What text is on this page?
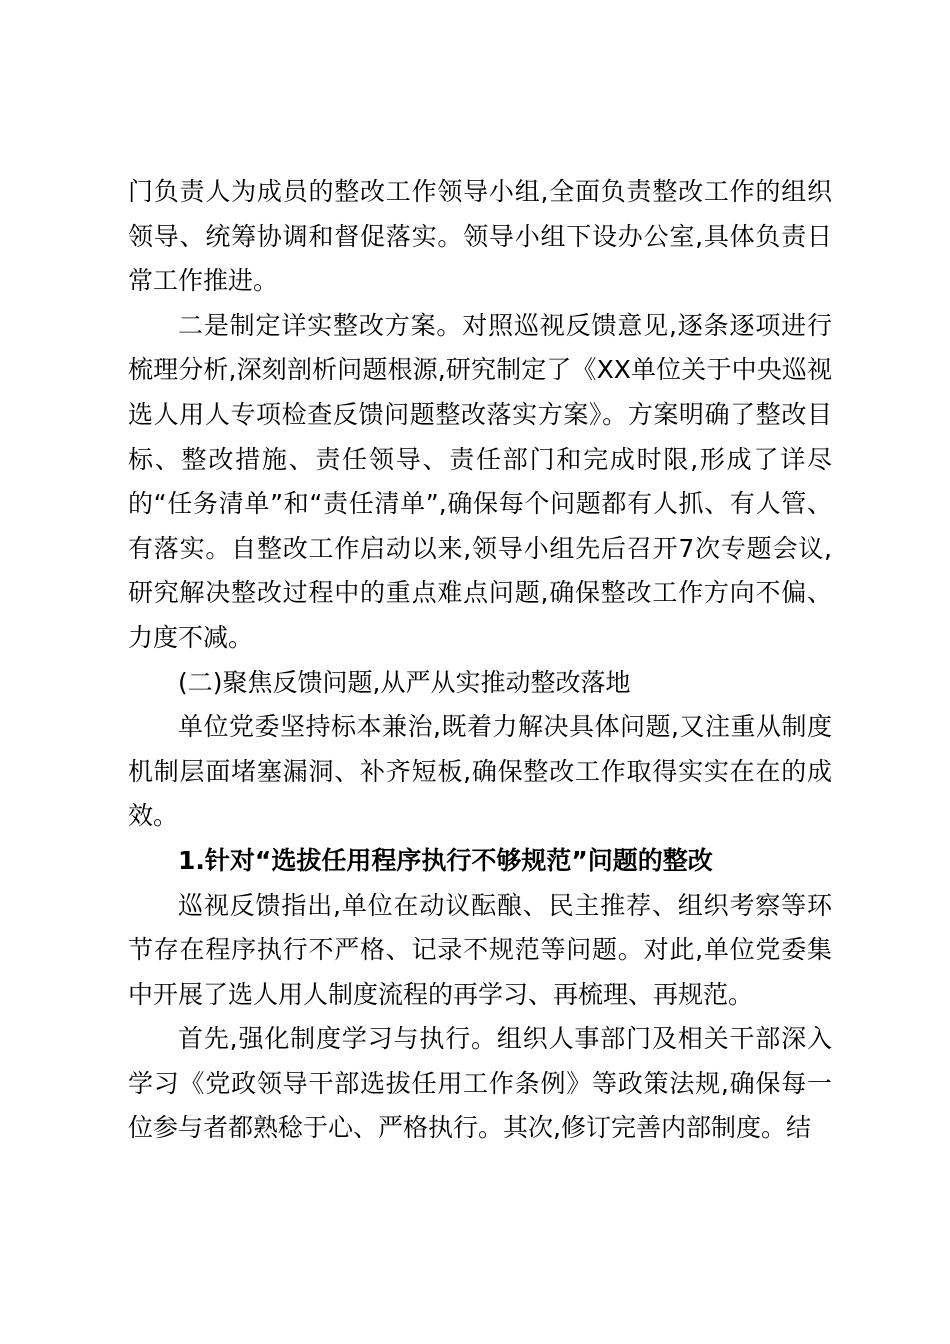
门负责人为成员的整改工作领导小组,全面负责整改工作的组织领导、统筹协调和督促落实。领导小组下设办公室,具体负责日常工作推进。

二是制定详实整改方案。对照巡视反馈意见,逐条逐项进行梳理分析,深刻剖析问题根源,研究制定了《XX单位关于中央巡视选人用人专项检查反馈问题整改落实方案》。方案明确了整改目标、整改措施、责任领导、责任部门和完成时限,形成了详尽的“任务清单”和“责任清单”,确保每个问题都有人抓、有人管、有落实。自整改工作启动以来,领导小组先后召开7次专题会议,研究解决整改过程中的重点难点问题,确保整改工作方向不偏、力度不减。

(二)聚焦反馈问题,从严从实推动整改落地

单位党委坚持标本兼治,既着力解决具体问题,又注重从制度机制层面堵塞漏洞、补齐短板,确保整改工作取得实实在在的成效。

1.针对“选拔任用程序执行不够规范”问题的整改

巡视反馈指出,单位在动议酝酿、民主推荐、组织考察等环节存在程序执行不严格、记录不规范等问题。对此,单位党委集中开展了选人用人制度流程的再学习、再梳理、再规范。

首先,强化制度学习与执行。组织人事部门及相关干部深入学习《党政领导干部选拔任用工作条例》等政策法规,确保每一位参与者都熟稔于心、严格执行。其次,修订完善内部制度。结
